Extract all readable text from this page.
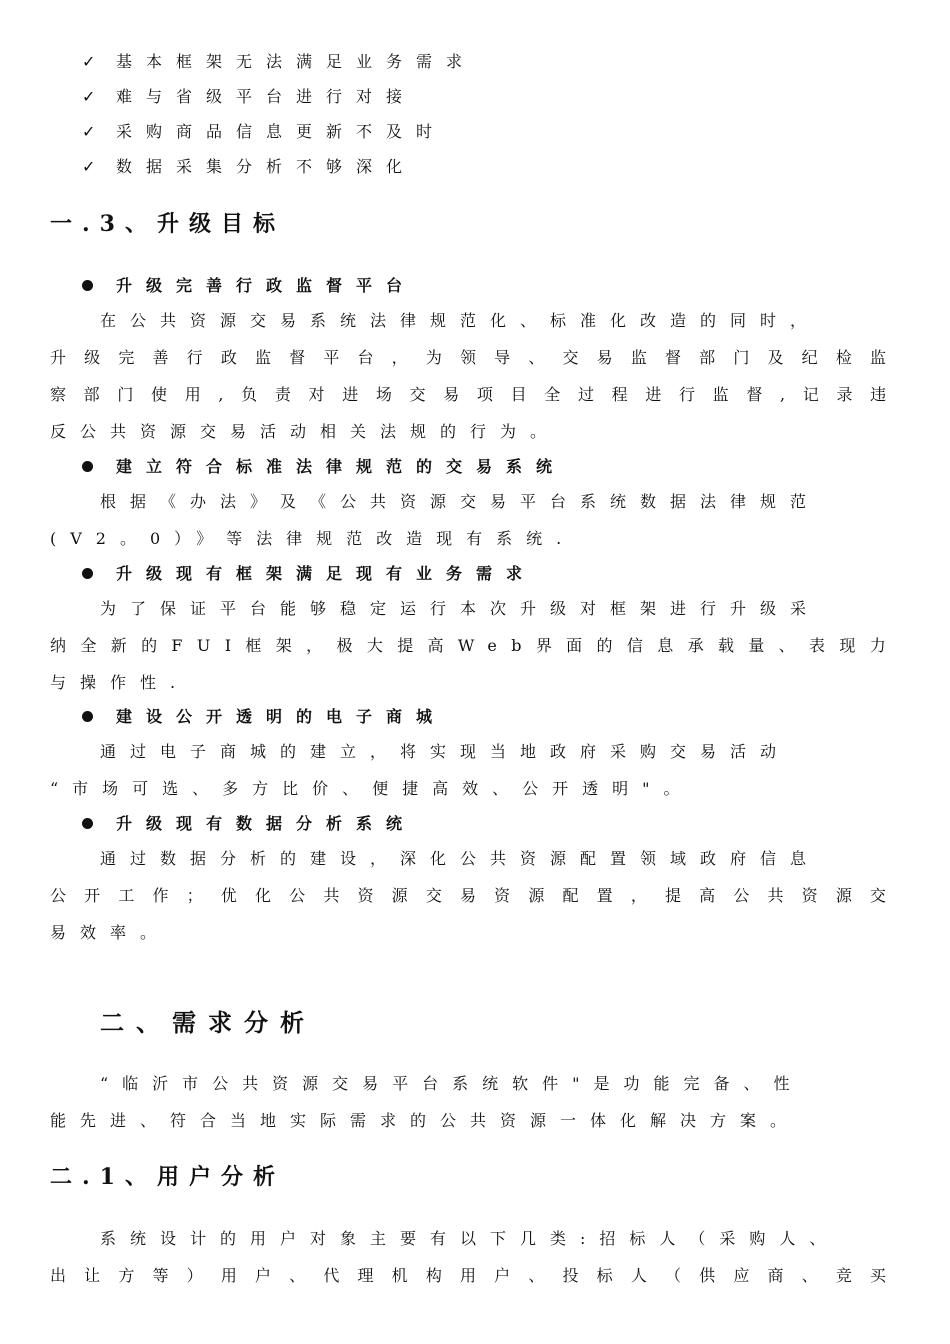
✓ 基本框架无法满足业务需求
✓ 难与省级平台进行对接
✓ 采购商品信息更新不及时
✓ 数据采集分析不够深化
一.3、升级目标
升级完善行政监督平台
在公共资源交易系统法律规范化、标准化改造的同时，
升级完善行政监督平台，为领导、交易监督部门及纪检监
察部门使用,负责对进场交易项目全过程进行监督,记录违
反公共资源交易活动相关法规的行为。
建立符合标准法律规范的交易系统
根据《办法》及《公共资源交易平台系统数据法律规范
(V2。0）》等法律规范改造现有系统.
升级现有框架满足现有业务需求
为了保证平台能够稳定运行本次升级对框架进行升级采
纳全新的FUI框架，极大提高Web界面的信息承载量、表现力
与操作性.
建设公开透明的电子商城
通过电子商城的建立，将实现当地政府采购交易活动
“市场可选、多方比价、便捷高效、公开透明"。
升级现有数据分析系统
通过数据分析的建设，深化公共资源配置领域政府信息
公开工作；优化公共资源交易资源配置，提高公共资源交
易效率。
二、需求分析
“临沂市公共资源交易平台系统软件"是功能完备、性
能先进、符合当地实际需求的公共资源一体化解决方案。
二.1、用户分析
系统设计的用户对象主要有以下几类:招标人（采购人、
出让方等）用户、代理机构用户、投标人（供应商、竞买
